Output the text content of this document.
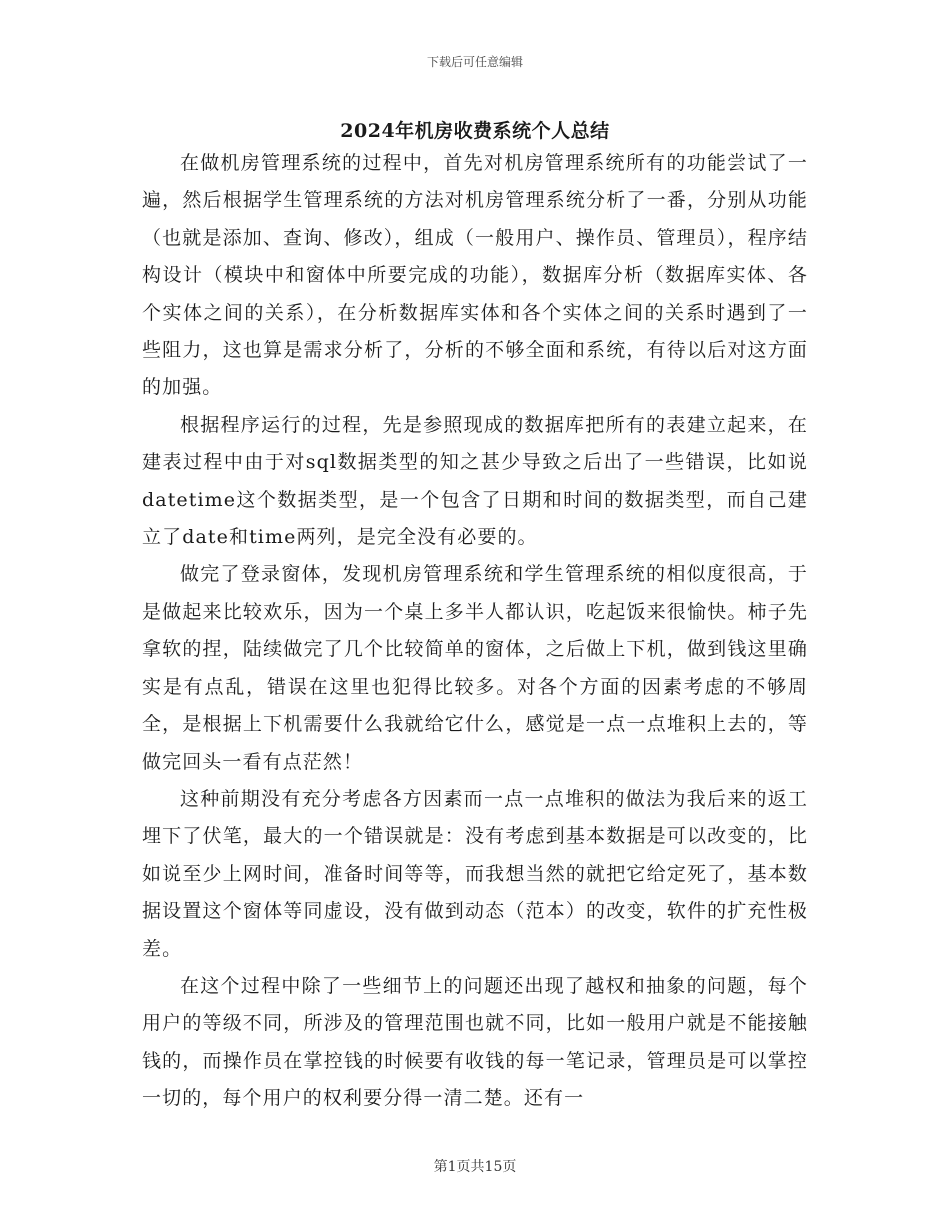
下载后可任意编辑
2024年机房收费系统个人总结

在做机房管理系统的过程中，首先对机房管理系统所有的功能尝试了一遍，然后根据学生管理系统的方法对机房管理系统分析了一番，分别从功能（也就是添加、查询、修改），组成（一般用户、操作员、管理员），程序结构设计（模块中和窗体中所要完成的功能），数据库分析（数据库实体、各个实体之间的关系），在分析数据库实体和各个实体之间的关系时遇到了一些阻力，这也算是需求分析了，分析的不够全面和系统，有待以后对这方面的加强。

根据程序运行的过程，先是参照现成的数据库把所有的表建立起来，在建表过程中由于对sql数据类型的知之甚少导致之后出了一些错误，比如说datetime这个数据类型，是一个包含了日期和时间的数据类型，而自己建立了date和time两列，是完全没有必要的。

做完了登录窗体，发现机房管理系统和学生管理系统的相似度很高，于是做起来比较欢乐，因为一个桌上多半人都认识，吃起饭来很愉快。柿子先拿软的捏，陆续做完了几个比较简单的窗体，之后做上下机，做到钱这里确实是有点乱，错误在这里也犯得比较多。对各个方面的因素考虑的不够周全，是根据上下机需要什么我就给它什么，感觉是一点一点堆积上去的，等做完回头一看有点茫然！

这种前期没有充分考虑各方因素而一点一点堆积的做法为我后来的返工埋下了伏笔，最大的一个错误就是：没有考虑到基本数据是可以改变的，比如说至少上网时间，准备时间等等，而我想当然的就把它给定死了，基本数据设置这个窗体等同虚设，没有做到动态（范本）的改变，软件的扩充性极差。

在这个过程中除了一些细节上的问题还出现了越权和抽象的问题，每个用户的等级不同，所涉及的管理范围也就不同，比如一般用户就是不能接触钱的，而操作员在掌控钱的时候要有收钱的每一笔记录，管理员是可以掌控一切的，每个用户的权利要分得一清二楚。还有一

第1页共15页
